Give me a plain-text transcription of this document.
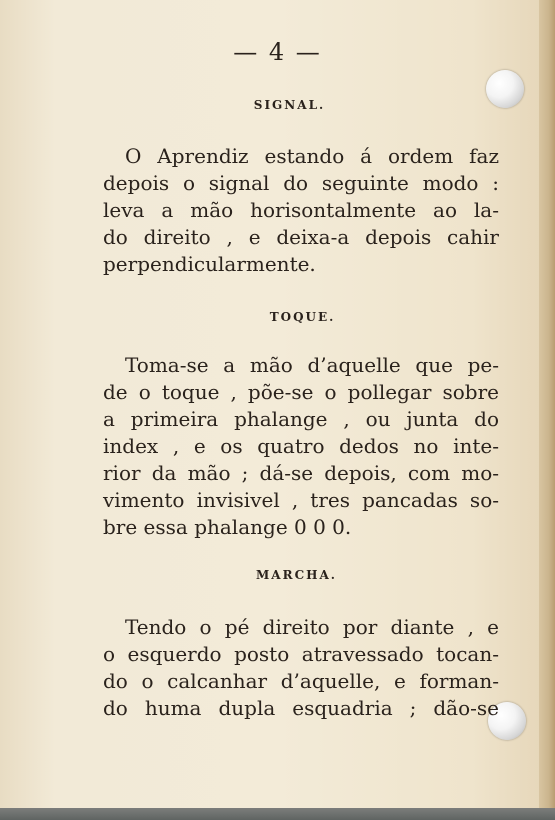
— 4 —
SIGNAL.
O Aprendiz estando á ordem faz
depois o signal do seguinte modo :
leva a mão horisontalmente ao la-
do direito , e deixa-a depois cahir
perpendicularmente.
TOQUE.
Toma-se a mão d’aquelle que pe-
de o toque , põe-se o pollegar sobre
a primeira phalange , ou junta do
index , e os quatro dedos no inte-
rior da mão ; dá-se depois, com mo-
vimento invisivel , tres pancadas so-
bre essa phalange 0 0 0.
MARCHA.
Tendo o pé direito por diante , e
o esquerdo posto atravessado tocan-
do o calcanhar d’aquelle, e forman-
do huma dupla esquadria ; dão-se
